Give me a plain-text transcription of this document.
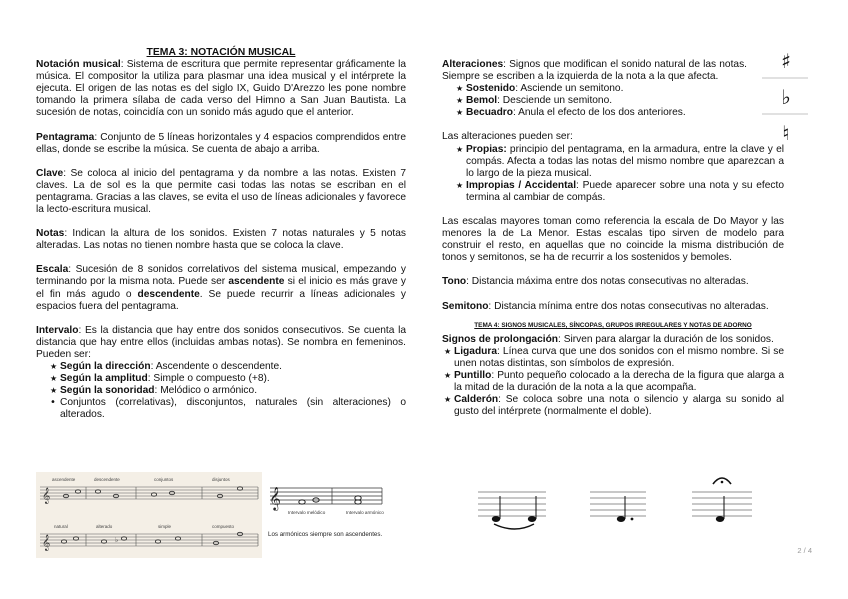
TEMA 3: NOTACIÓN MUSICAL

Notación musical: Sistema de escritura que permite representar gráficamente la música. El compositor la utiliza para plasmar una idea musical y el intérprete la ejecuta. El origen de las notas es del siglo IX, Guido D'Arezzo les pone nombre tomando la primera sílaba de cada verso del Himno a San Juan Bautista. La sucesión de notas, coincidía con un sonido más agudo que el anterior.

Pentagrama: Conjunto de 5 líneas horizontales y 4 espacios comprendidos entre ellas, donde se escribe la música. Se cuenta de abajo a arriba.

Clave: Se coloca al inicio del pentagrama y da nombre a las notas. Existen 7 claves. La de sol es la que permite casi todas las notas se escriban en el pentagrama. Gracias a las claves, se evita el uso de líneas adicionales y favorece la lecto-escritura musical.

Notas: Indican la altura de los sonidos. Existen 7 notas naturales y 5 notas alteradas. Las notas no tienen nombre hasta que se coloca la clave.

Escala: Sucesión de 8 sonidos correlativos del sistema musical, empezando y terminando por la misma nota. Puede ser ascendente si el inicio es más grave y el fin más agudo o descendente. Se puede recurrir a líneas adicionales y espacios fuera del pentagrama.

Intervalo: Es la distancia que hay entre dos sonidos consecutivos. Se cuenta la distancia que hay entre ellos (incluidas ambas notas). Se nombra en femeninos. Pueden ser:

★ Según la dirección: Ascendente o descendente.
★ Según la amplitud: Simple o compuesto (+8).
★ Según la sonoridad: Melódico o armónico.
• Conjuntos (correlativas), disconjuntos, naturales (sin alteraciones) o alterados.
𝄞
𝄞	♭
ascendente	descendente	conjuntos	disjuntos
natural	alterado	simple	compuesto
𝄞
Intervalo melódico	Intervalo armónico
Los armónicos siempre son ascendentes.

Alteraciones: Signos que modifican el sonido natural de las notas. Siempre se escriben a la izquierda de la nota a la que afecta.

★ Sostenido: Asciende un semitono.
★ Bemol: Desciende un semitono.
★ Becuadro: Anula el efecto de los dos anteriores.

Las alteraciones pueden ser:

★ Propias: principio del pentagrama, en la armadura, entre la clave y el compás. Afecta a todas las notas del mismo nombre que aparezcan a lo largo de la pieza musical.
★ Impropias / Accidental: Puede aparecer sobre una nota y su efecto termina al cambiar de compás.

Las escalas mayores toman como referencia la escala de Do Mayor y las menores la de La Menor. Estas escalas tipo sirven de modelo para construir el resto, en aquellas que no coincide la misma distribución de tonos y semitonos, se ha de recurrir a los sostenidos y bemoles.

Tono: Distancia máxima entre dos notas consecutivas no alteradas.

Semitono: Distancia mínima entre dos notas consecutivas no alteradas.

TEMA 4: SIGNOS MUSICALES, SÍNCOPAS, GRUPOS IRREGULARES Y NOTAS DE ADORNO

Signos de prolongación: Sirven para alargar la duración de los sonidos.

★ Ligadura: Línea curva que une dos sonidos con el mismo nombre. Si se unen notas distintas, son símbolos de expresión.
★ Puntillo: Punto pequeño colocado a la derecha de la figura que alarga a la mitad de la duración de la nota a la que acompaña.
★ Calderón: Se coloca sobre una nota o silencio y alarga su sonido al gusto del intérprete (normalmente el doble).
♯
♭
♮
2 / 4
